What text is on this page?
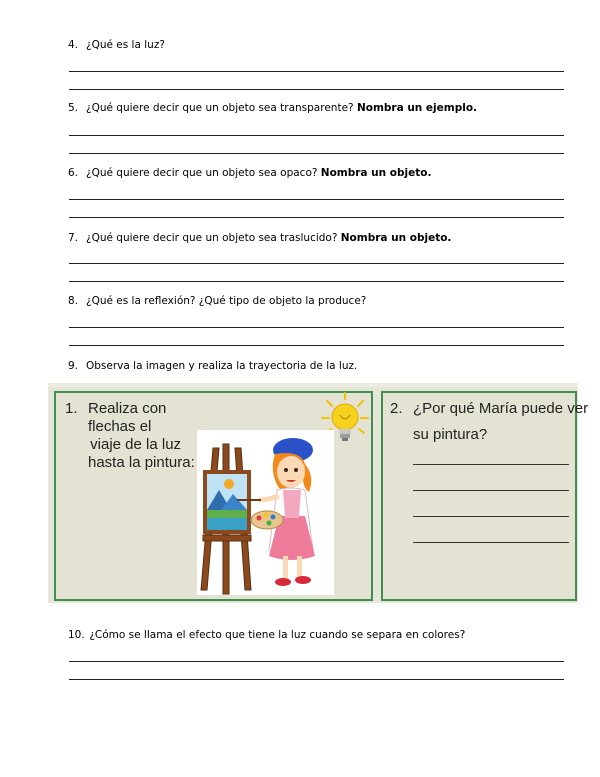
4. ¿Qué es la luz?
5. ¿Qué quiere decir que un objeto sea transparente? Nombra un ejemplo.
6. ¿Qué quiere decir que un objeto sea opaco? Nombra un objeto.
7. ¿Qué quiere decir que un objeto sea traslucido? Nombra un objeto.
8. ¿Qué es la reflexión? ¿Qué tipo de objeto la produce?
9. Observa la imagen y realiza la trayectoria de la luz.
1. Realiza con
flechas el
viaje de la luz
hasta la pintura:
2. ¿Por qué María puede ver
su pintura?
10. ¿Cómo se llama el efecto que tiene la luz cuando se separa en colores?
